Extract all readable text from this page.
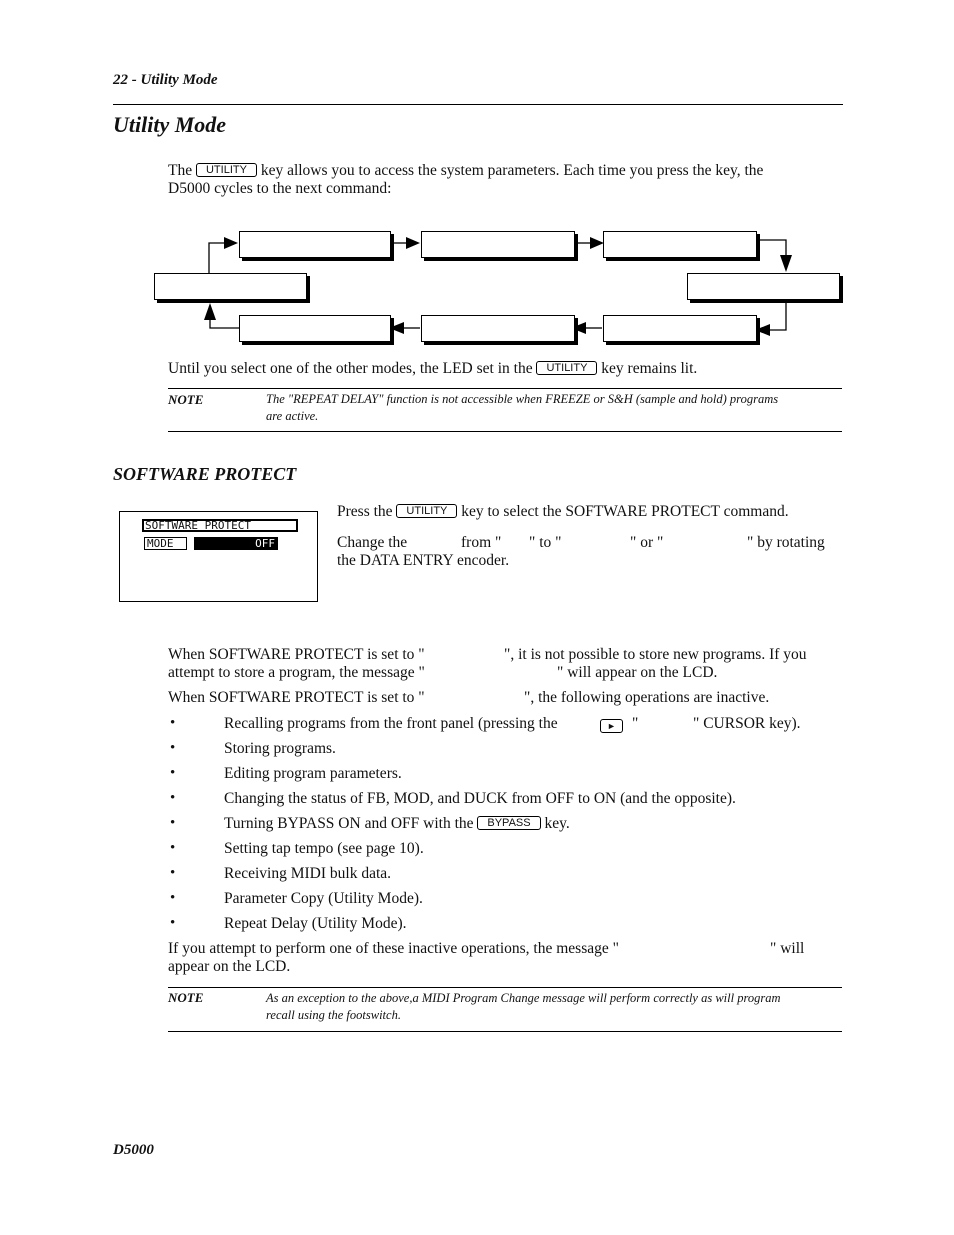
22 - Utility Mode
Utility Mode
The UTILITY key allows you to access the system parameters. Each time you press the key, the
D5000 cycles to the next command:
Until you select one of the other modes, the LED set in the UTILITY key remains lit.
NOTE	The "REPEAT DELAY" function is not accessible when FREEZE or S&H (sample and hold) programs
are active.
SOFTWARE PROTECT
SOFTWARE PROTECT
MODE	OFF
Press the UTILITY key to select the SOFTWARE PROTECT command.
Change the	from " " to "	" or "	" by rotating
the DATA ENTRY encoder.
When SOFTWARE PROTECT is set to "	", it is not possible to store new programs. If you
attempt to store a program, the message "	" will appear on the LCD.
When SOFTWARE PROTECT is set to "	", the following operations are inactive.
•	Recalling programs from the front panel (pressing the	►	"	" CURSOR key).
•	Storing programs.
•	Editing program parameters.
•	Changing the status of FB, MOD, and DUCK from OFF to ON (and the opposite).
•	Turning BYPASS ON and OFF with the BYPASS key.
•	Setting tap tempo (see page 10).
•	Receiving MIDI bulk data.
•	Parameter Copy (Utility Mode).
•	Repeat Delay (Utility Mode).
If you attempt to perform one of these inactive operations, the message "	" will
appear on the LCD.
NOTE	As an exception to the above,a MIDI Program Change message will perform correctly as will program
recall using the footswitch.
D5000
